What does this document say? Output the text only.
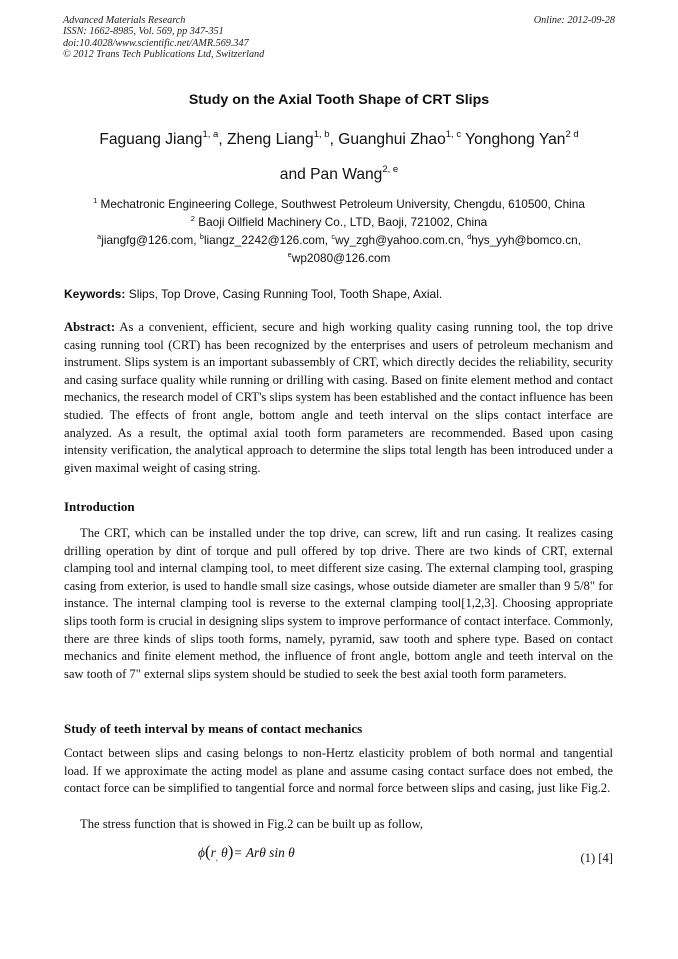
Advanced Materials Research
ISSN: 1662-8985, Vol. 569, pp 347-351
doi:10.4028/www.scientific.net/AMR.569.347
© 2012 Trans Tech Publications Ltd, Switzerland
Online: 2012-09-28
Study on the Axial Tooth Shape of CRT Slips
Faguang Jiang$^{1, a}$, Zheng Liang$^{1, b}$, Guanghui Zhao$^{1, c}$ Yonghong Yan$^{2 d}$
and Pan Wang$^{2, e}$
$^1$ Mechatronic Engineering College, Southwest Petroleum University, Chengdu, 610500, China
$^2$ Baoji Oilfield Machinery Co., LTD, Baoji, 721002, China
$^a$jiangfg@126.com, $^b$liangz_2242@126.com, $^c$wy_zgh@yahoo.com.cn, $^d$hys_yyh@bomco.cn,
$^e$wp2080@126.com
Keywords: Slips, Top Drove, Casing Running Tool, Tooth Shape, Axial.
Abstract: As a convenient, efficient, secure and high working quality casing running tool, the top drive casing running tool (CRT) has been recognized by the enterprises and users of petroleum mechanism and instrument. Slips system is an important subassembly of CRT, which directly decides the reliability, security and casing surface quality while running or drilling with casing. Based on finite element method and contact mechanics, the research model of CRT's slips system has been established and the contact influence has been studied. The effects of front angle, bottom angle and teeth interval on the slips contact interface are analyzed. As a result, the optimal axial tooth form parameters are recommended. Based upon casing intensity verification, the analytical approach to determine the slips total length has been introduced under a given maximal weight of casing string.
Introduction
The CRT, which can be installed under the top drive, can screw, lift and run casing. It realizes casing drilling operation by dint of torque and pull offered by top drive. There are two kinds of CRT, external clamping tool and internal clamping tool, to meet different size casing. The external clamping tool, grasping casing from exterior, is used to handle small size casings, whose outside diameter are smaller than 9 5/8" for instance. The internal clamping tool is reverse to the external clamping tool[1,2,3]. Choosing appropriate slips tooth form is crucial in designing slips system to improve performance of contact interface. Commonly, there are three kinds of slips tooth forms, namely, pyramid, saw tooth and sphere type. Based on contact mechanics and finite element method, the influence of front angle, bottom angle and teeth interval on the saw tooth of 7" external slips system should be studied to seek the best axial tooth form parameters.
Study of teeth interval by means of contact mechanics
Contact between slips and casing belongs to non-Hertz elasticity problem of both normal and tangential load. If we approximate the acting model as plane and assume casing contact surface does not embed, the contact force can be simplified to tangential force and normal force between slips and casing, just like Fig.2.
The stress function that is showed in Fig.2 can be built up as follow,
$\phi(r_,$ θ)= Arθ sin θ	(1) [4]
